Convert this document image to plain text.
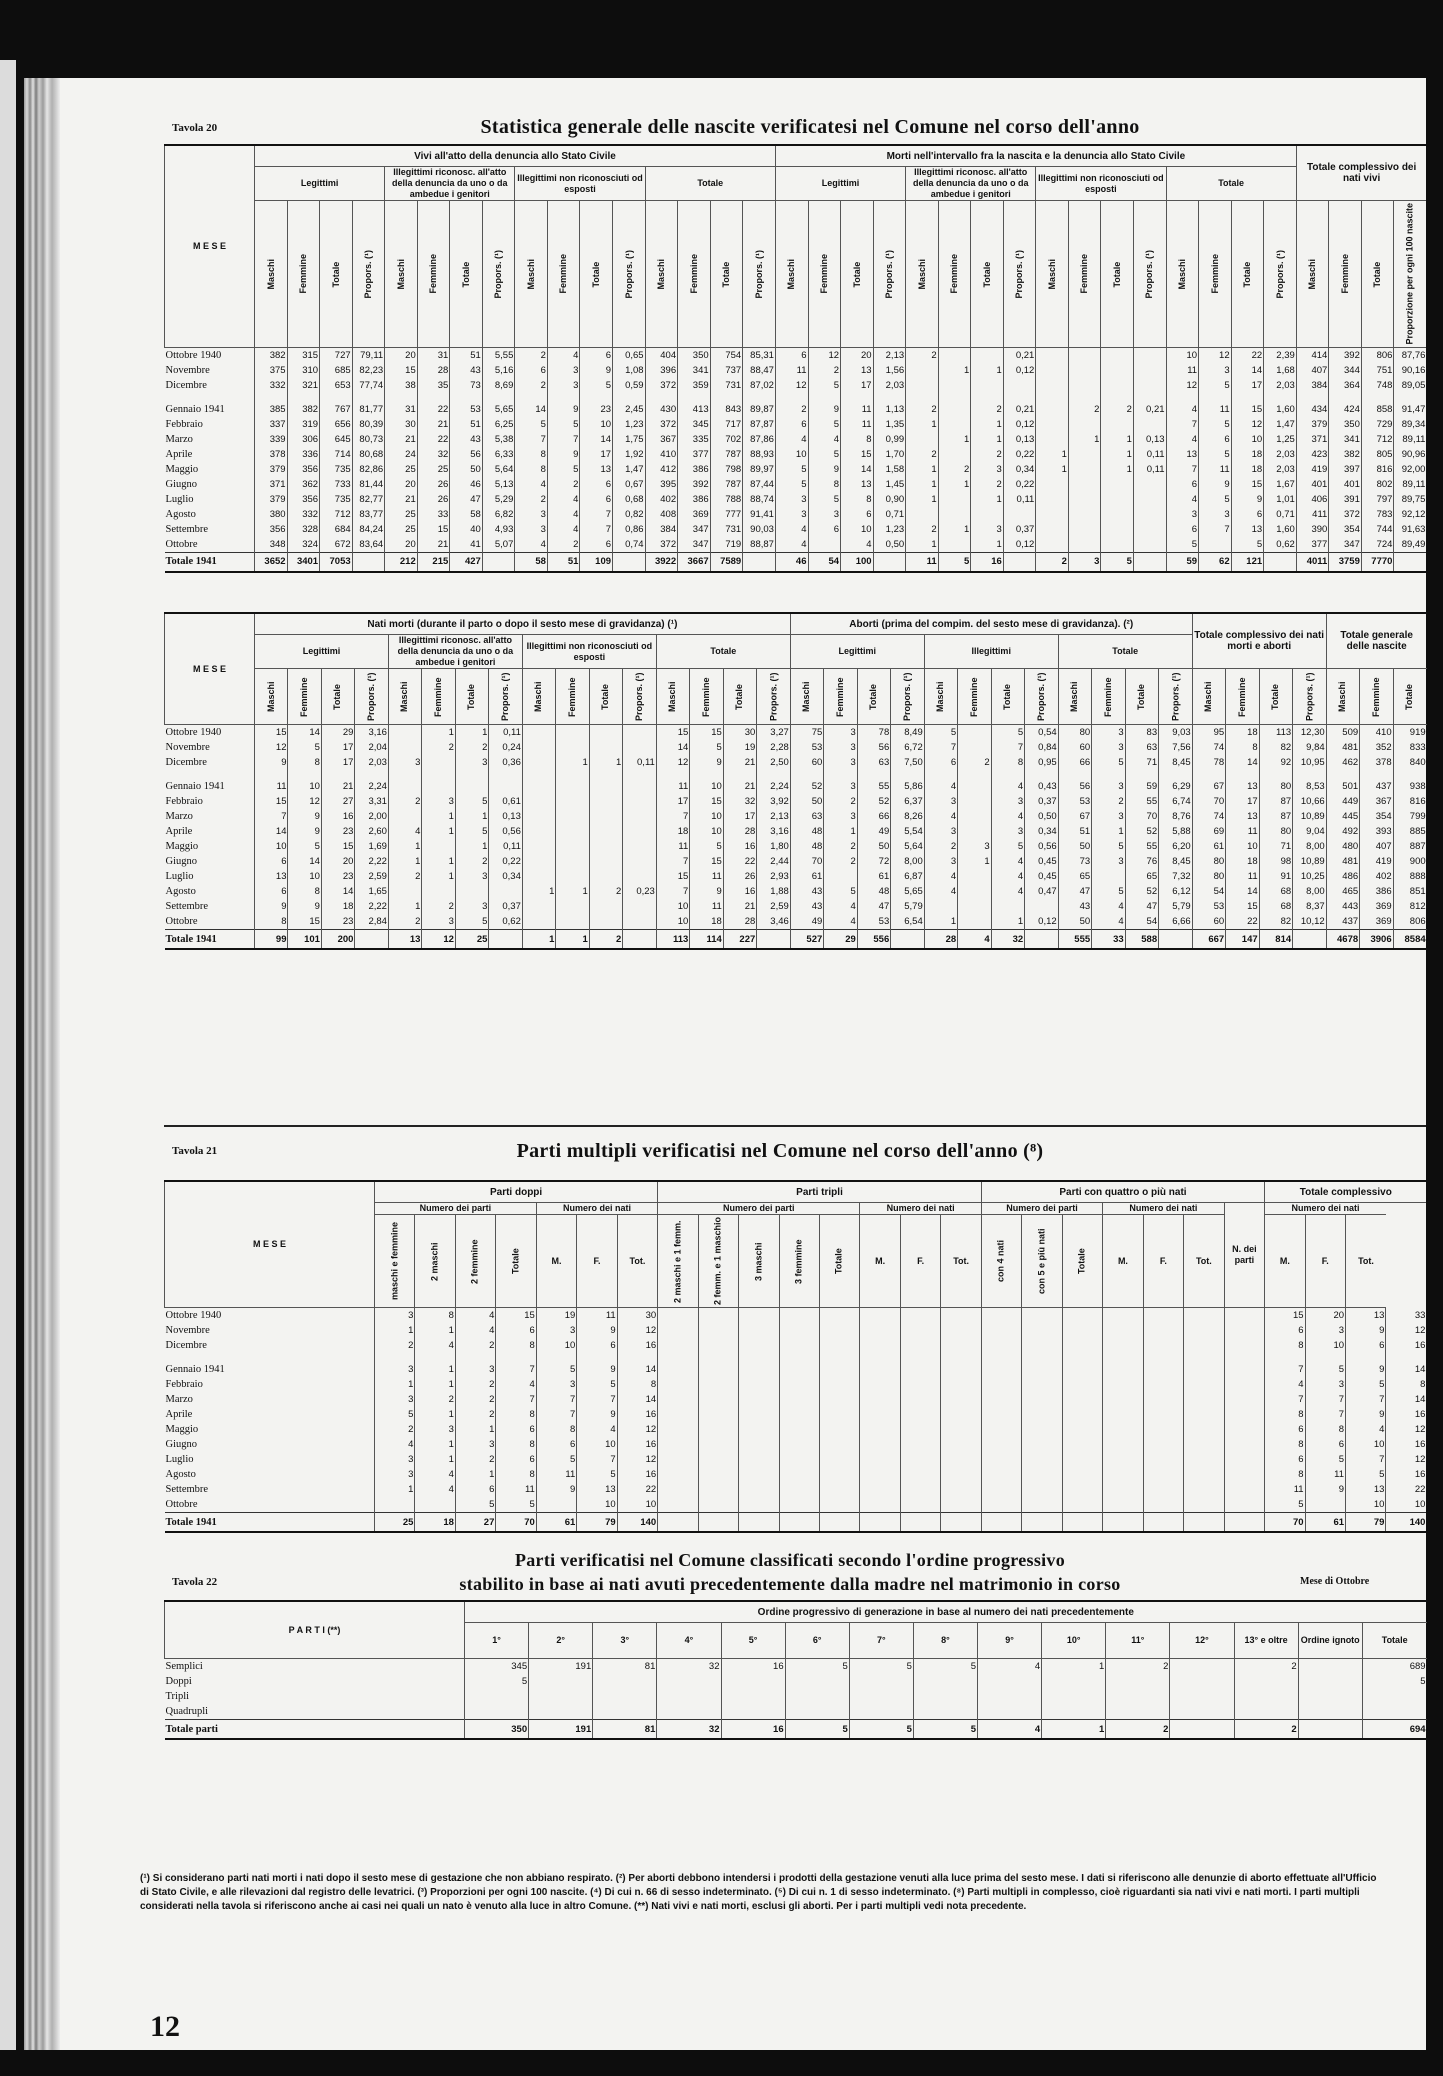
Tavola 20	Statistica generale delle nascite verificatesi nel Comune nel corso dell'anno
M E S E	Vivi all'atto della denuncia allo Stato Civile																Morti nell'intervallo fra la nascita e la denuncia allo Stato Civile																Totale complessivo dei nati vivi			
	Legittimi				Illegittimi riconosc. all'atto della denuncia da uno o da ambedue i genitori				Illegittimi non riconosciuti od esposti				Totale				Legittimi				Illegittimi riconosc. all'atto della denuncia da uno o da ambedue i genitori				Illegittimi non riconosciuti od esposti				Totale							
	Maschi	Femmine	Totale	Propors. (¹)	Maschi	Femmine	Totale	Propors. (¹)	Maschi	Femmine	Totale	Propors. (¹)	Maschi	Femmine	Totale	Propors. (¹)	Maschi	Femmine	Totale	Propors. (¹)	Maschi	Femmine	Totale	Propors. (¹)	Maschi	Femmine	Totale	Propors. (¹)	Maschi	Femmine	Totale	Propors. (¹)	Maschi	Femmine	Totale	Proporzione per ogni 100 nascite
Ottobre 1940	382	315	727	79,11	20	31	51	5,55	2	4	6	0,65	404	350	754	85,31	6	12	20	2,13	2			0,21					10	12	22	2,39	414	392	806	87,76
Novembre	375	310	685	82,23	15	28	43	5,16	6	3	9	1,08	396	341	737	88,47	11	2	13	1,56		1	1	0,12					11	3	14	1,68	407	344	751	90,16
Dicembre	332	321	653	77,74	38	35	73	8,69	2	3	5	0,59	372	359	731	87,02	12	5	17	2,03									12	5	17	2,03	384	364	748	89,05

Gennaio 1941	385	382	767	81,77	31	22	53	5,65	14	9	23	2,45	430	413	843	89,87	2	9	11	1,13	2		2	0,21		2	2	0,21	4	11	15	1,60	434	424	858	91,47
Febbraio	337	319	656	80,39	30	21	51	6,25	5	5	10	1,23	372	345	717	87,87	6	5	11	1,35	1		1	0,12					7	5	12	1,47	379	350	729	89,34
Marzo	339	306	645	80,73	21	22	43	5,38	7	7	14	1,75	367	335	702	87,86	4	4	8	0,99		1	1	0,13		1	1	0,13	4	6	10	1,25	371	341	712	89,11
Aprile	378	336	714	80,68	24	32	56	6,33	8	9	17	1,92	410	377	787	88,93	10	5	15	1,70	2		2	0,22	1		1	0,11	13	5	18	2,03	423	382	805	90,96
Maggio	379	356	735	82,86	25	25	50	5,64	8	5	13	1,47	412	386	798	89,97	5	9	14	1,58	1	2	3	0,34	1		1	0,11	7	11	18	2,03	419	397	816	92,00
Giugno	371	362	733	81,44	20	26	46	5,13	4	2	6	0,67	395	392	787	87,44	5	8	13	1,45	1	1	2	0,22					6	9	15	1,67	401	401	802	89,11
Luglio	379	356	735	82,77	21	26	47	5,29	2	4	6	0,68	402	386	788	88,74	3	5	8	0,90	1		1	0,11					4	5	9	1,01	406	391	797	89,75
Agosto	380	332	712	83,77	25	33	58	6,82	3	4	7	0,82	408	369	777	91,41	3	3	6	0,71									3	3	6	0,71	411	372	783	92,12
Settembre	356	328	684	84,24	25	15	40	4,93	3	4	7	0,86	384	347	731	90,03	4	6	10	1,23	2	1	3	0,37					6	7	13	1,60	390	354	744	91,63
Ottobre	348	324	672	83,64	20	21	41	5,07	4	2	6	0,74	372	347	719	88,87	4		4	0,50	1		1	0,12					5		5	0,62	377	347	724	89,49
Totale 1941	3652	3401	7053		212	215	427		58	51	109		3922	3667	7589		46	54	100		11	5	16		2	3	5		59	62	121		4011	3759	7770	
M E S E	Nati morti (durante il parto o dopo il sesto mese di gravidanza) (¹)																Aborti (prima del compim. del sesto mese di gravidanza). (²)												Totale complessivo dei nati morti e aborti				Totale generale delle nascite		
	Legittimi				Illegittimi riconosc. all'atto della denuncia da uno o da ambedue i genitori				Illegittimi non riconosciuti od esposti				Totale				Legittimi				Illegittimi				Totale										
	Maschi	Femmine	Totale	Propors. (¹)	Maschi	Femmine	Totale	Propors. (¹)	Maschi	Femmine	Totale	Propors. (¹)	Maschi	Femmine	Totale	Propors. (¹)	Maschi	Femmine	Totale	Propors. (¹)	Maschi	Femmine	Totale	Propors. (¹)	Maschi	Femmine	Totale	Propors. (¹)	Maschi	Femmine	Totale	Propors. (¹)	Maschi	Femmine	Totale
Ottobre 1940	15	14	29	3,16		1	1	0,11					15	15	30	3,27	75	3	78	8,49	5		5	0,54	80	3	83	9,03	95	18	113	12,30	509	410	919
Novembre	12	5	17	2,04		2	2	0,24					14	5	19	2,28	53	3	56	6,72	7		7	0,84	60	3	63	7,56	74	8	82	9,84	481	352	833
Dicembre	9	8	17	2,03	3		3	0,36		1	1	0,11	12	9	21	2,50	60	3	63	7,50	6	2	8	0,95	66	5	71	8,45	78	14	92	10,95	462	378	840

Gennaio 1941	11	10	21	2,24									11	10	21	2,24	52	3	55	5,86	4		4	0,43	56	3	59	6,29	67	13	80	8,53	501	437	938
Febbraio	15	12	27	3,31	2	3	5	0,61					17	15	32	3,92	50	2	52	6,37	3		3	0,37	53	2	55	6,74	70	17	87	10,66	449	367	816
Marzo	7	9	16	2,00		1	1	0,13					7	10	17	2,13	63	3	66	8,26	4		4	0,50	67	3	70	8,76	74	13	87	10,89	445	354	799
Aprile	14	9	23	2,60	4	1	5	0,56					18	10	28	3,16	48	1	49	5,54	3		3	0,34	51	1	52	5,88	69	11	80	9,04	492	393	885
Maggio	10	5	15	1,69	1		1	0,11					11	5	16	1,80	48	2	50	5,64	2	3	5	0,56	50	5	55	6,20	61	10	71	8,00	480	407	887
Giugno	6	14	20	2,22	1	1	2	0,22					7	15	22	2,44	70	2	72	8,00	3	1	4	0,45	73	3	76	8,45	80	18	98	10,89	481	419	900
Luglio	13	10	23	2,59	2	1	3	0,34					15	11	26	2,93	61		61	6,87	4		4	0,45	65		65	7,32	80	11	91	10,25	486	402	888
Agosto	6	8	14	1,65					1	1	2	0,23	7	9	16	1,88	43	5	48	5,65	4		4	0,47	47	5	52	6,12	54	14	68	8,00	465	386	851
Settembre	9	9	18	2,22	1	2	3	0,37					10	11	21	2,59	43	4	47	5,79					43	4	47	5,79	53	15	68	8,37	443	369	812
Ottobre	8	15	23	2,84	2	3	5	0,62					10	18	28	3,46	49	4	53	6,54	1		1	0,12	50	4	54	6,66	60	22	82	10,12	437	369	806
Totale 1941	99	101	200		13	12	25		1	1	2		113	114	227		527	29	556		28	4	32		555	33	588		667	147	814		4678	3906	8584
Tavola 21	Parti multipli verificatisi nel Comune nel corso dell'anno (⁸)
M E S E	Parti doppi							Parti tripli								Parti con quattro o più nati							Totale complessivo			
	Numero dei parti				Numero dei nati			Numero dei parti					Numero dei nati			Numero dei parti			Numero dei nati			N. dei parti	Numero dei nati			
	maschi e femmine	2 maschi	2 femmine	Totale	M.	F.	Tot.	2 maschi e 1 femm.	2 femm. e 1 maschio	3 maschi	3 femmine	Totale	M.	F.	Tot.	con 4 nati	con 5 e più nati	Totale	M.	F.	Tot.		M.	F.	Tot.	
Ottobre 1940	3	8	4	15	19	11	30																15	20	13	33
Novembre	1	1	4	6	3	9	12																6	3	9	12
Dicembre	2	4	2	8	10	6	16																8	10	6	16

Gennaio 1941	3	1	3	7	5	9	14																7	5	9	14
Febbraio	1	1	2	4	3	5	8																4	3	5	8
Marzo	3	2	2	7	7	7	14																7	7	7	14
Aprile	5	1	2	8	7	9	16																8	7	9	16
Maggio	2	3	1	6	8	4	12																6	8	4	12
Giugno	4	1	3	8	6	10	16																8	6	10	16
Luglio	3	1	2	6	5	7	12																6	5	7	12
Agosto	3	4	1	8	11	5	16																8	11	5	16
Settembre	1	4	6	11	9	13	22																11	9	13	22
Ottobre			5	5		10	10																5		10	10
Totale 1941	25	18	27	70	61	79	140																70	61	79	140
Tavola 22
Parti verificatisi nel Comune classificati secondo l'ordine progressivo
stabilito in base ai nati avuti precedentemente dalla madre nel matrimonio in corso	Mese di Ottobre
P A R T I (**)	Ordine progressivo di generazione in base al numero dei nati precedentemente														
	1°	2°	3°	4°	5°	6°	7°	8°	9°	10°	11°	12°	13° e oltre	Ordine ignoto	Totale
Semplici	345	191	81	32	16	5	5	5	4	1	2		2		689
Doppi	5														5
Tripli															
Quadrupli															
Totale parti	350	191	81	32	16	5	5	5	4	1	2		2		694
(¹) Si considerano parti nati morti i nati dopo il sesto mese di gestazione che non abbiano respirato. (²) Per aborti debbono intendersi i prodotti della gestazione venuti alla luce prima del sesto mese. I dati si riferiscono alle denunzie di aborto effettuate all'Ufficio di Stato Civile, e alle rilevazioni dal registro delle levatrici. (³) Proporzioni per ogni 100 nascite. (⁴) Di cui n. 66 di sesso indeterminato. (⁵) Di cui n. 1 di sesso indeterminato. (⁸) Parti multipli in complesso, cioè riguardanti sia nati vivi e nati morti. I parti multipli considerati nella tavola si riferiscono anche ai casi nei quali un nato è venuto alla luce in altro Comune. (**) Nati vivi e nati morti, esclusi gli aborti. Per i parti multipli vedi nota precedente.
12
